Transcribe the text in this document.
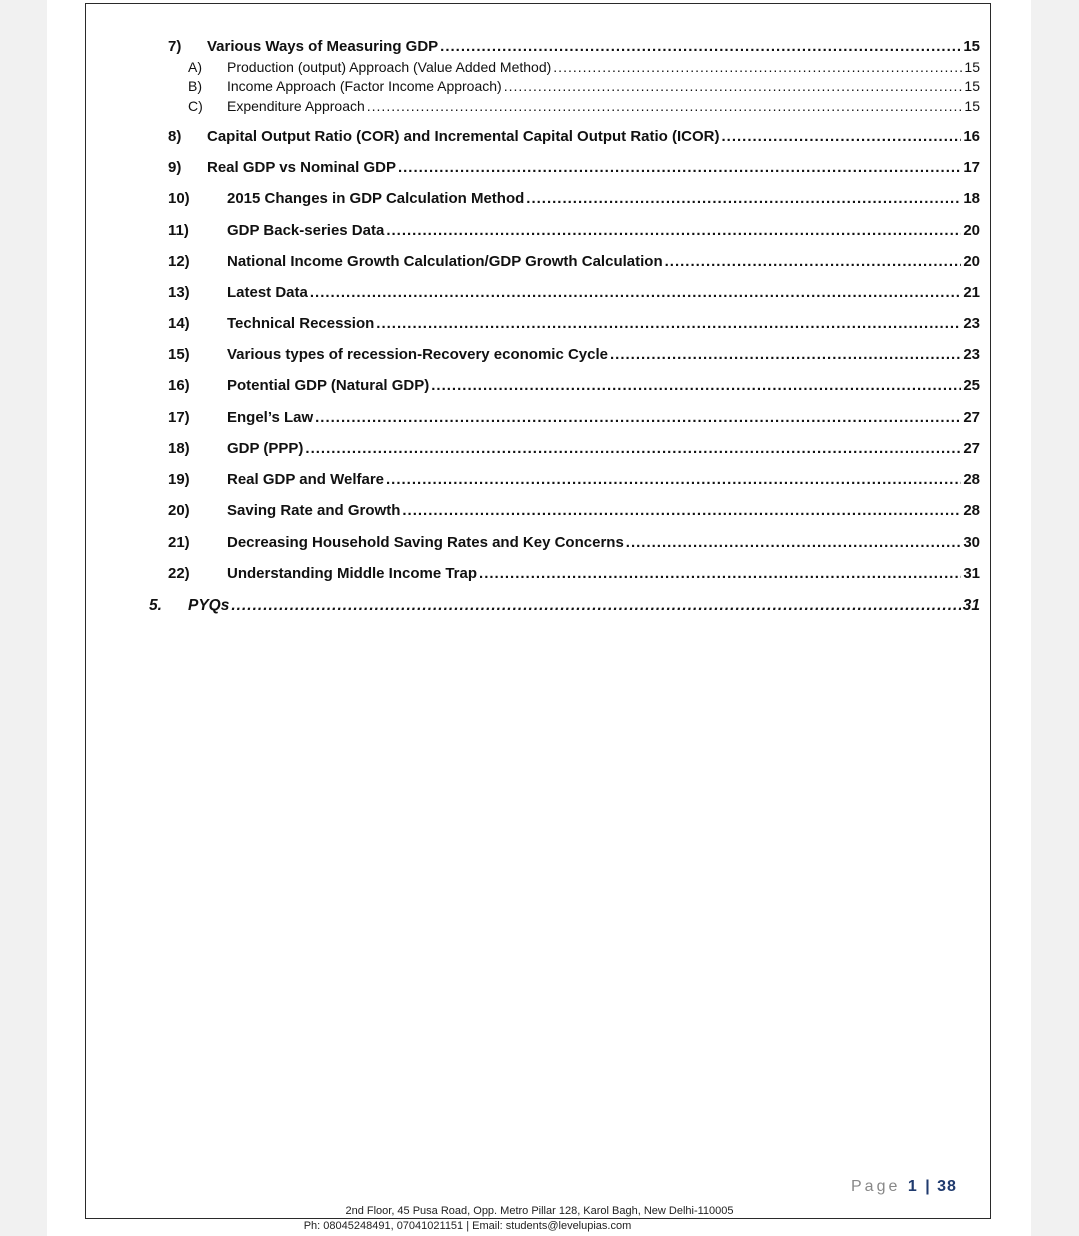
7)	Various Ways of Measuring GDP .....	15
A)	Production (output) Approach (Value Added Method) .....	15
B)	Income Approach (Factor Income Approach) .....	15
C)	Expenditure Approach .....	15
8)	Capital Output Ratio (COR) and Incremental Capital Output Ratio (ICOR) .....	16
9)	Real GDP vs Nominal GDP .....	17
10)	2015 Changes in GDP Calculation Method .....	18
11)	GDP Back-series Data .....	20
12)	National Income Growth Calculation/GDP Growth Calculation .....	20
13)	Latest Data .....	21
14)	Technical Recession .....	23
15)	Various types of recession-Recovery economic Cycle .....	23
16)	Potential GDP (Natural GDP) .....	25
17)	Engel’s Law .....	27
18)	GDP (PPP) .....	27
19)	Real GDP and Welfare .....	28
20)	Saving Rate and Growth .....	28
21)	Decreasing Household Saving Rates and Key Concerns .....	30
22)	Understanding Middle Income Trap .....	31
5.	PYQs .....	31
Page 1 | 38
2nd Floor, 45 Pusa Road, Opp. Metro Pillar 128, Karol Bagh, New Delhi-110005
Ph: 08045248491, 07041021151 | Email: students@levelupias.com
